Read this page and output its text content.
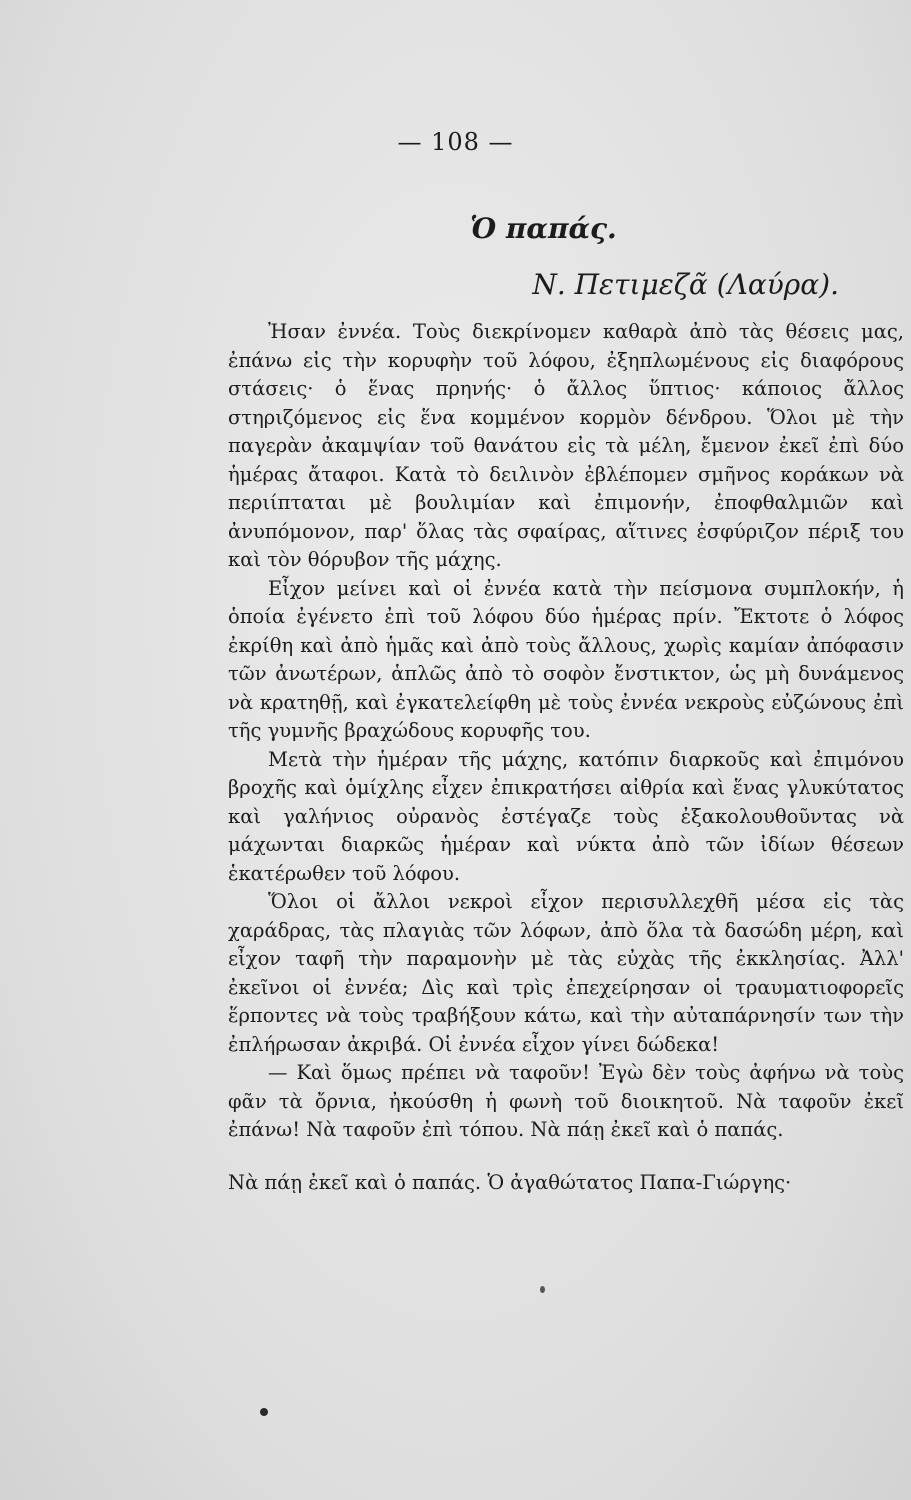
— 108 —
Ὁ παπάς.
Ν. Πετιμεζᾶ (Λαύρα).

Ἠσαν ἐννέα. Τοὺς διεκρίνομεν καθαρὰ ἀπὸ τὰς θέσεις μας, ἐπάνω εἰς τὴν κορυφὴν τοῦ λόφου, ἐξηπλωμένους εἰς διαφόρους στάσεις· ὁ ἕνας πρηνής· ὁ ἄλλος ὕπτιος· κάποιος ἄλλος στηριζόμενος εἰς ἕνα κομμένον κορμὸν δένδρου. Ὅλοι μὲ τὴν παγερὰν ἀκαμψίαν τοῦ θανάτου εἰς τὰ μέλη, ἔμενον ἐκεῖ ἐπὶ δύο ἡμέρας ἄταφοι. Κατὰ τὸ δειλινὸν ἐβλέπομεν σμῆνος κοράκων νὰ περιίπταται μὲ βουλιμίαν καὶ ἐπιμονήν, ἐποφθαλμιῶν καὶ ἀνυπόμονον, παρ' ὅλας τὰς σφαίρας, αἵτινες ἐσφύριζον πέριξ του καὶ τὸν θόρυβον τῆς μάχης.

Εἶχον μείνει καὶ οἱ ἐννέα κατὰ τὴν πείσμονα συμπλοκήν, ἡ ὁποία ἐγένετο ἐπὶ τοῦ λόφου δύο ἡμέρας πρίν. Ἔκτοτε ὁ λόφος ἐκρίθη καὶ ἀπὸ ἡμᾶς καὶ ἀπὸ τοὺς ἄλλους, χωρὶς καμίαν ἀπόφασιν τῶν ἀνωτέρων, ἁπλῶς ἀπὸ τὸ σοφὸν ἔνστικτον, ὡς μὴ δυνάμενος νὰ κρατηθῇ, καὶ ἐγκατελείφθη μὲ τοὺς ἐννέα νεκροὺς εὐζώνους ἐπὶ τῆς γυμνῆς βραχώδους κορυφῆς του.

Μετὰ τὴν ἡμέραν τῆς μάχης, κατόπιν διαρκοῦς καὶ ἐπιμόνου βροχῆς καὶ ὁμίχλης εἶχεν ἐπικρατήσει αἰθρία καὶ ἕνας γλυκύτατος καὶ γαλήνιος οὐρανὸς ἐστέγαζε τοὺς ἐξακολουθοῦντας νὰ μάχωνται διαρκῶς ἡμέραν καὶ νύκτα ἀπὸ τῶν ἰδίων θέσεων ἑκατέρωθεν τοῦ λόφου.

Ὅλοι οἱ ἄλλοι νεκροὶ εἶχον περισυλλεχθῆ μέσα εἰς τὰς χαράδρας, τὰς πλαγιὰς τῶν λόφων, ἀπὸ ὅλα τὰ δασώδη μέρη, καὶ εἶχον ταφῆ τὴν παραμονὴν μὲ τὰς εὐχὰς τῆς ἐκκλησίας. Ἀλλ' ἐκεῖνοι οἱ ἐννέα; Δὶς καὶ τρὶς ἐπεχείρησαν οἱ τραυματιοφορεῖς ἕρποντες νὰ τοὺς τραβήξουν κάτω, καὶ τὴν αὐταπάρνησίν των τὴν ἐπλήρωσαν ἀκριβά. Οἱ ἐννέα εἶχον γίνει δώδεκα!

— Καὶ ὅμως πρέπει νὰ ταφοῦν! Ἐγὼ δὲν τοὺς ἀφήνω νὰ τοὺς φᾶν τὰ ὄρνια, ἠκούσθη ἡ φωνὴ τοῦ διοικητοῦ. Νὰ ταφοῦν ἐκεῖ ἐπάνω! Νὰ ταφοῦν ἐπὶ τόπου. Νὰ πάῃ ἐκεῖ καὶ ὁ παπάς.

Νὰ πάῃ ἐκεῖ καὶ ὁ παπάς. Ὁ ἀγαθώτατος Παπα-Γιώργης·
